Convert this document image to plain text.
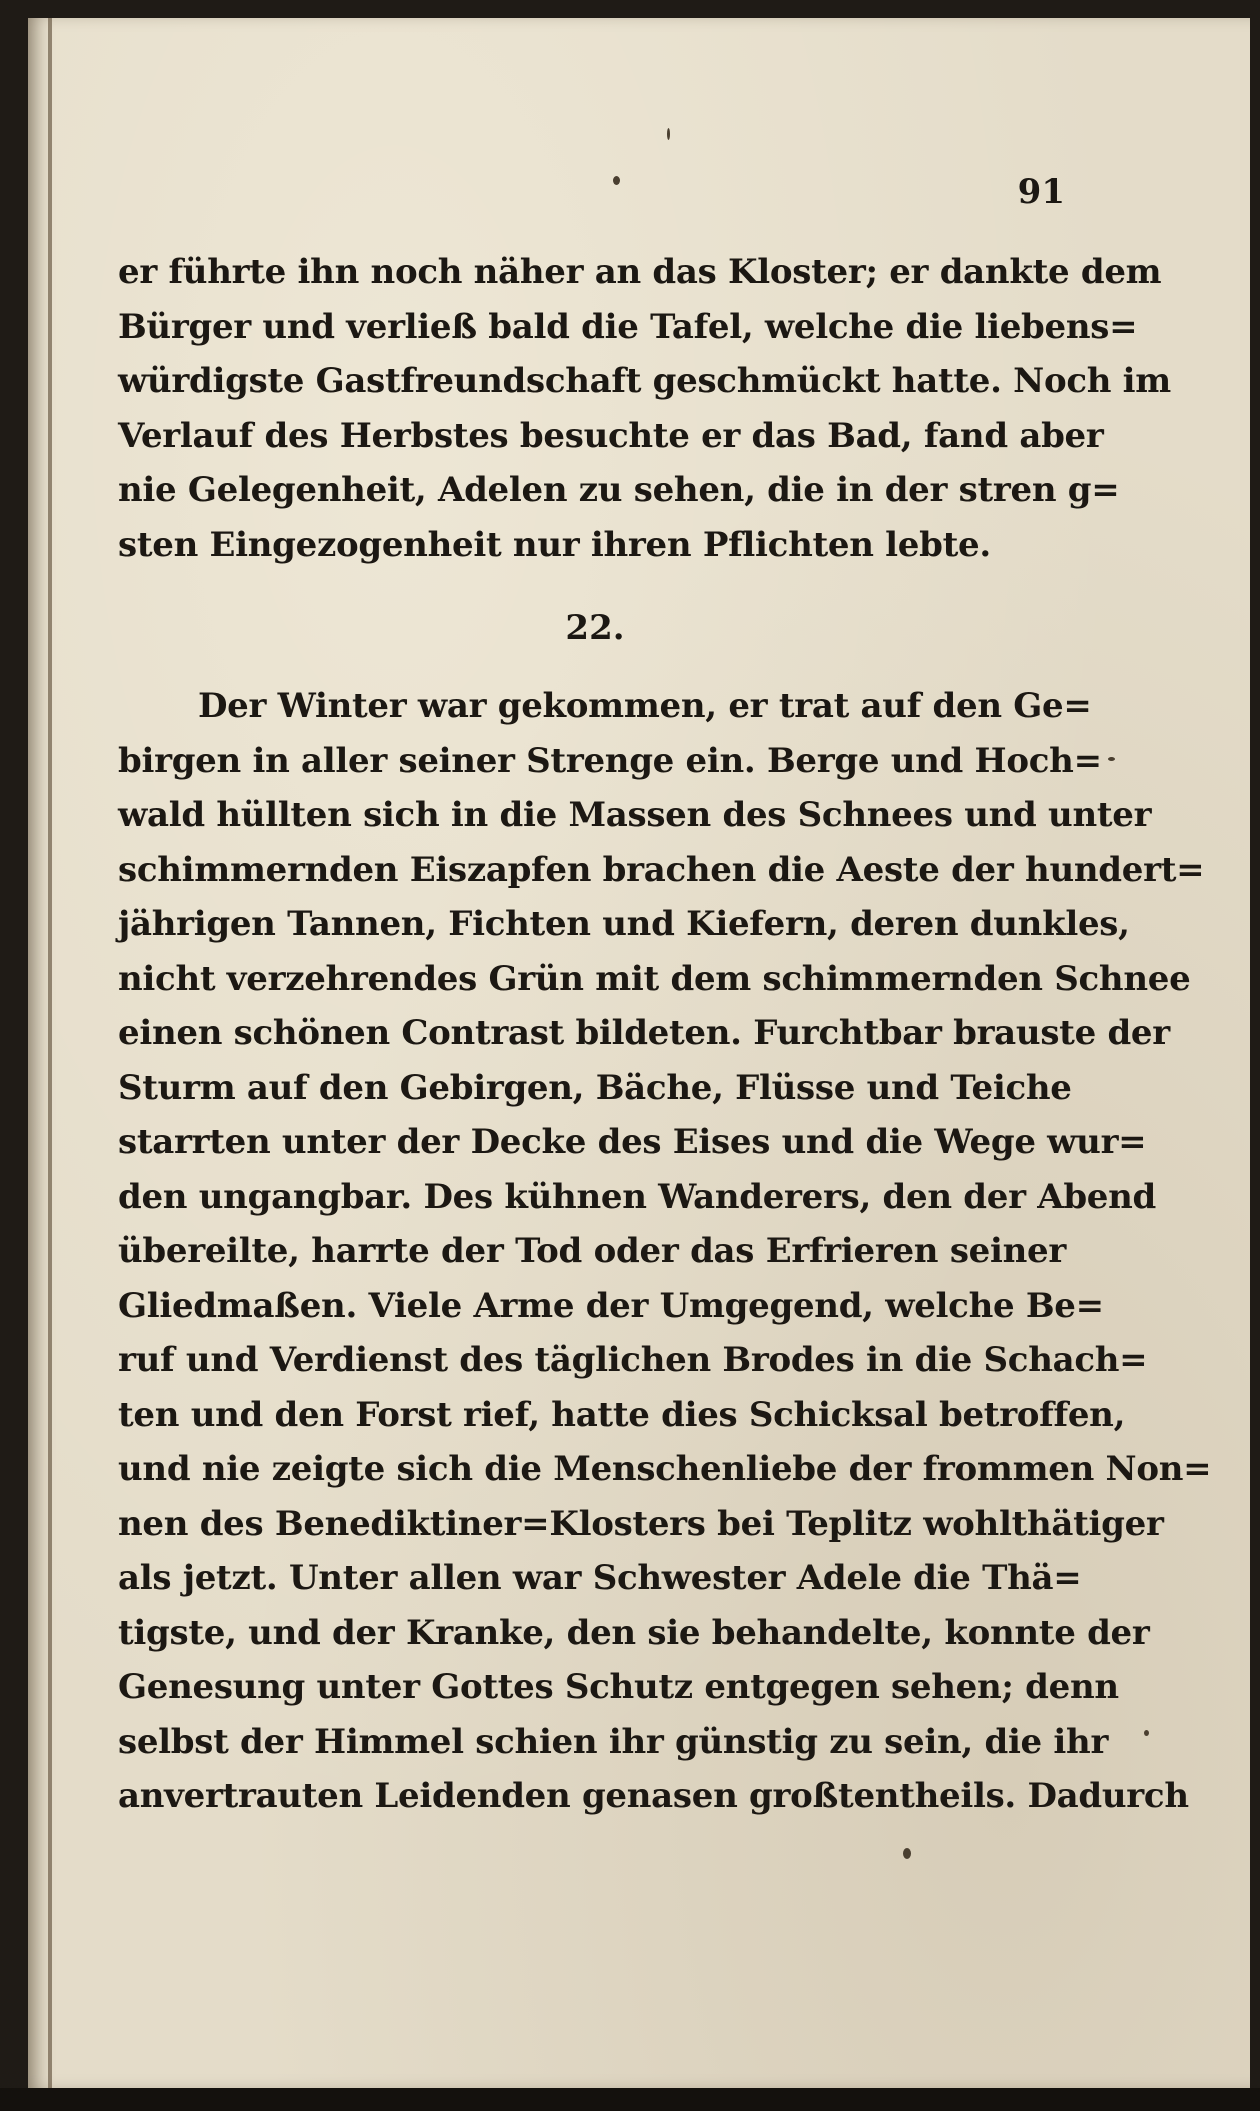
91
er führte ihn noch näher an das Kloster; er dankte dem
Bürger und verließ bald die Tafel, welche die liebens=
würdigste Gastfreundschaft geschmückt hatte. Noch im
Verlauf des Herbstes besuchte er das Bad, fand aber
nie Gelegenheit, Adelen zu sehen, die in der stren g=
sten Eingezogenheit nur ihren Pflichten lebte.
22.
Der Winter war gekommen, er trat auf den Ge=
birgen in aller seiner Strenge ein. Berge und Hoch=
wald hüllten sich in die Massen des Schnees und unter
schimmernden Eiszapfen brachen die Aeste der hundert=
jährigen Tannen, Fichten und Kiefern, deren dunkles,
nicht verzehrendes Grün mit dem schimmernden Schnee
einen schönen Contrast bildeten. Furchtbar brauste der
Sturm auf den Gebirgen, Bäche, Flüsse und Teiche
starrten unter der Decke des Eises und die Wege wur=
den ungangbar. Des kühnen Wanderers, den der Abend
übereilte, harrte der Tod oder das Erfrieren seiner
Gliedmaßen. Viele Arme der Umgegend, welche Be=
ruf und Verdienst des täglichen Brodes in die Schach=
ten und den Forst rief, hatte dies Schicksal betroffen,
und nie zeigte sich die Menschenliebe der frommen Non=
nen des Benediktiner=Klosters bei Teplitz wohlthätiger
als jetzt. Unter allen war Schwester Adele die Thä=
tigste, und der Kranke, den sie behandelte, konnte der
Genesung unter Gottes Schutz entgegen sehen; denn
selbst der Himmel schien ihr günstig zu sein, die ihr
anvertrauten Leidenden genasen großtentheils. Dadurch
